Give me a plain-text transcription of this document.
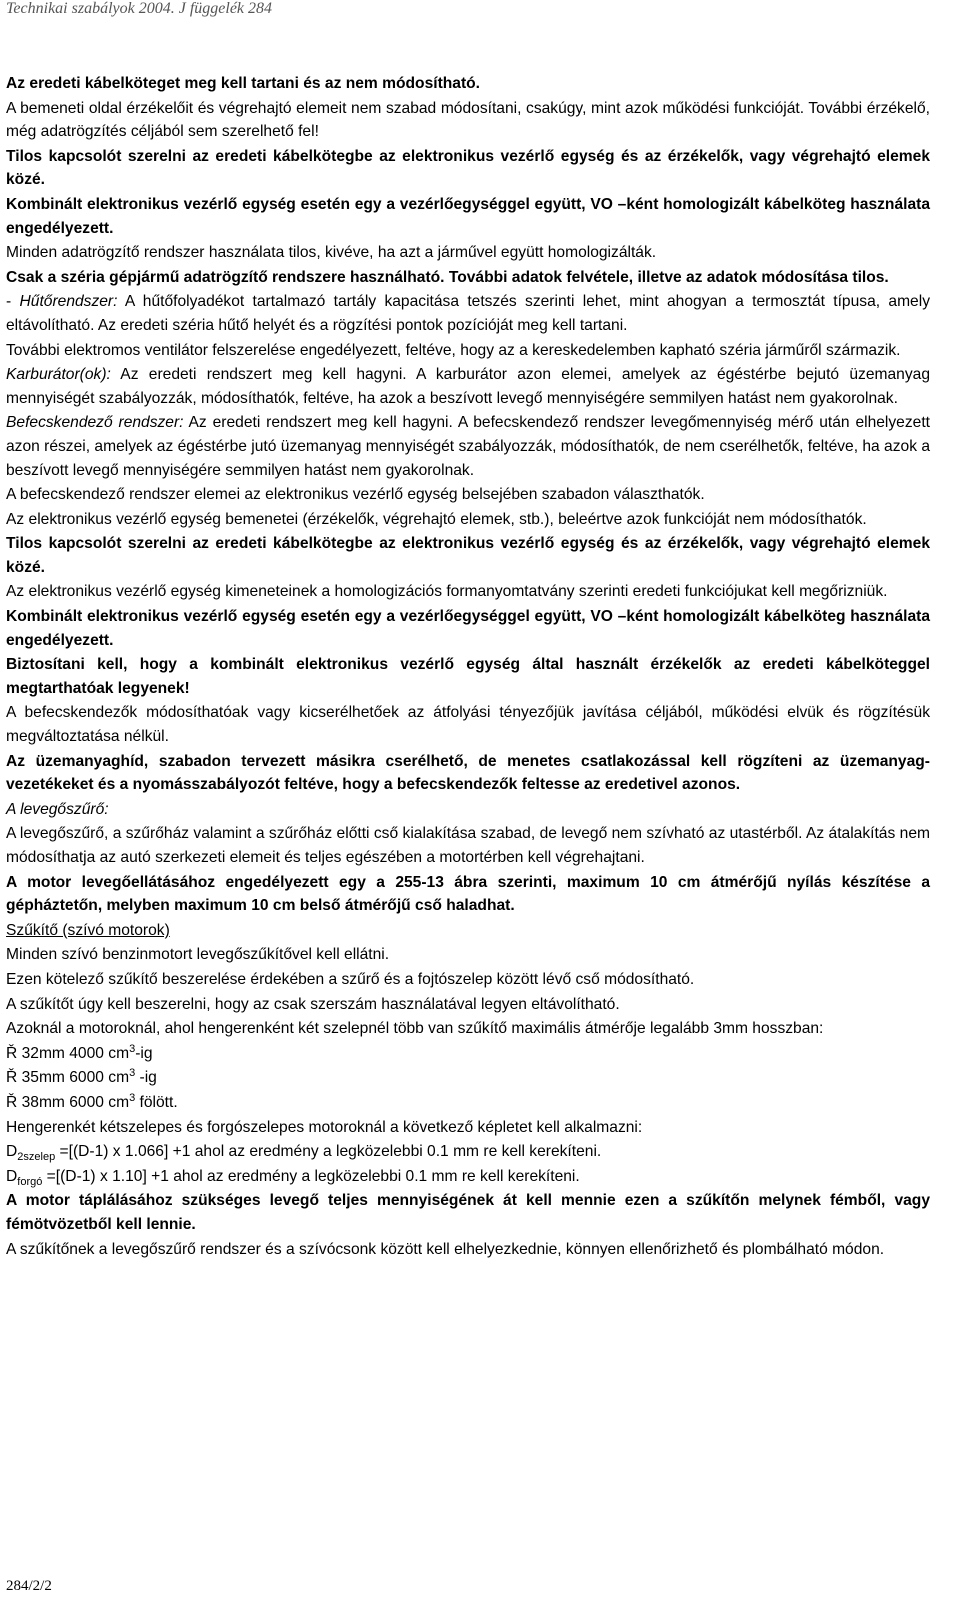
Technikai szabályok 2004. J függelék 284

Az eredeti kábelköteget meg kell tartani és az nem módosítható.

A bemeneti oldal érzékelőit és végrehajtó elemeit nem szabad módosítani, csakúgy, mint azok működési funkcióját. További érzékelő, még adatrögzítés céljából sem szerelhető fel!

Tilos kapcsolót szerelni az eredeti kábelkötegbe az elektronikus vezérlő egység és az érzékelők, vagy végrehajtó elemek közé.

Kombinált elektronikus vezérlő egység esetén egy a vezérlőegységgel együtt, VO –ként homologizált kábelköteg használata engedélyezett.

Minden adatrögzítő rendszer használata tilos, kivéve, ha azt a járművel együtt homologizálták.

Csak a széria gépjármű adatrögzítő rendszere használható. További adatok felvétele, illetve az adatok módosítása tilos.

- Hűtőrendszer: A hűtőfolyadékot tartalmazó tartály kapacitása tetszés szerinti lehet, mint ahogyan a termosztát típusa, amely eltávolítható. Az eredeti széria hűtő helyét és a rögzítési pontok pozícióját meg kell tartani.

További elektromos ventilátor felszerelése engedélyezett, feltéve, hogy az a kereskedelemben kapható széria járműről származik.

Karburátor(ok): Az eredeti rendszert meg kell hagyni. A karburátor azon elemei, amelyek az égéstérbe bejutó üzemanyag mennyiségét szabályozzák, módosíthatók, feltéve, ha azok a beszívott levegő mennyiségére semmilyen hatást nem gyakorolnak.

Befecskendező rendszer: Az eredeti rendszert meg kell hagyni. A befecskendező rendszer levegőmennyiség mérő után elhelyezett azon részei, amelyek az égéstérbe jutó üzemanyag mennyiségét szabályozzák, módosíthatók, de nem cserélhetők, feltéve, ha azok a beszívott levegő mennyiségére semmilyen hatást nem gyakorolnak.

A befecskendező rendszer elemei az elektronikus vezérlő egység belsejében szabadon választhatók.

Az elektronikus vezérlő egység bemenetei (érzékelők, végrehajtó elemek, stb.), beleértve azok funkcióját nem módosíthatók.

Tilos kapcsolót szerelni az eredeti kábelkötegbe az elektronikus vezérlő egység és az érzékelők, vagy végrehajtó elemek közé.

Az elektronikus vezérlő egység kimeneteinek a homologizációs formanyomtatvány szerinti eredeti funkciójukat kell megőrizniük.

Kombinált elektronikus vezérlő egység esetén egy a vezérlőegységgel együtt, VO –ként homologizált kábelköteg használata engedélyezett.

Biztosítani kell, hogy a kombinált elektronikus vezérlő egység által használt érzékelők az eredeti kábelköteggel megtarthatóak legyenek!

A befecskendezők módosíthatóak vagy kicserélhetőek az átfolyási tényezőjük javítása céljából, működési elvük és rögzítésük megváltoztatása nélkül.

Az üzemanyaghíd, szabadon tervezett másikra cserélhető, de menetes csatlakozással kell rögzíteni az üzemanyag-vezetékeket és a nyomásszabályozót feltéve, hogy a befecskendezők feltesse az eredetivel azonos.

A levegőszűrő:

A levegőszűrő, a szűrőház valamint a szűrőház előtti cső kialakítása szabad, de levegő nem szívható az utastérből. Az átalakítás nem módosíthatja az autó szerkezeti elemeit és teljes egészében a motortérben kell végrehajtani.

A motor levegőellátásához engedélyezett egy a 255-13 ábra szerinti, maximum 10 cm átmérőjű nyílás készítése a gépháztetőn, melyben maximum 10 cm belső átmérőjű cső haladhat.

Szűkítő (szívó motorok)

Minden szívó benzinmotort levegőszűkítővel kell ellátni.

Ezen kötelező szűkítő beszerelése érdekében a szűrő és a fojtószelep között lévő cső módosítható.

A szűkítőt úgy kell beszerelni, hogy az csak szerszám használatával legyen eltávolítható.

Azoknál a motoroknál, ahol hengerenként két szelepnél több van szűkítő maximális átmérője legalább 3mm hosszban:

Ř 32mm 4000 $cm^3-ig$

Ř 35mm 6000 $cm^3$ -ig

Ř 38mm 6000 $cm^3$ fölött.

Hengerenkét kétszelepes és forgószelepes motoroknál a következő képletet kell alkalmazni:

$D_{2szelep} =[(D-1)$ x 1.066] +1 ahol az eredmény a legközelebbi 0.1 mm re kell kerekíteni.

$D_{forgó} =[(D-1)$ x 1.10] +1 ahol az eredmény a legközelebbi 0.1 mm re kell kerekíteni.

A motor táplálásához szükséges levegő teljes mennyiségének át kell mennie ezen a szűkítőn melynek fémből, vagy fémötvözetből kell lennie.

A szűkítőnek a levegőszűrő rendszer és a szívócsonk között kell elhelyezkednie, könnyen ellenőrizhető és plombálható módon.

284/2/2
